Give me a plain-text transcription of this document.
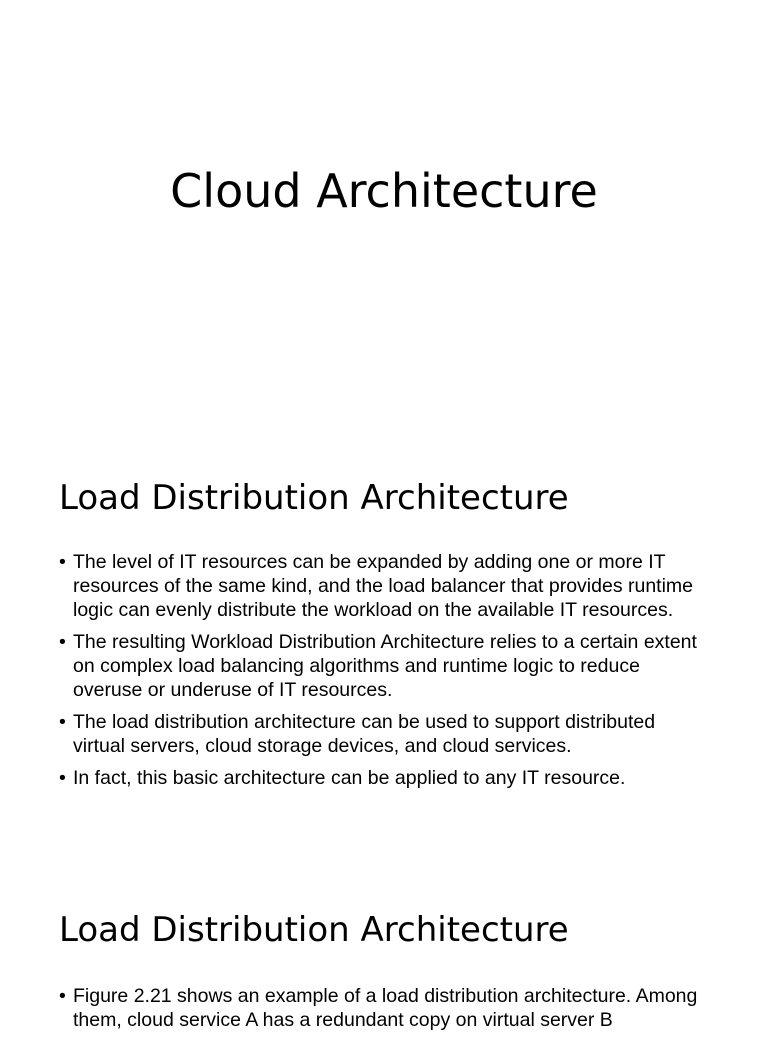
Cloud Architecture
Load Distribution Architecture
• The level of IT resources can be expanded by adding one or more IT resources of the same kind, and the load balancer that provides runtime logic can evenly distribute the workload on the available IT resources.
• The resulting Workload Distribution Architecture relies to a certain extent on complex load balancing algorithms and runtime logic to reduce overuse or underuse of IT resources.
• The load distribution architecture can be used to support distributed virtual servers, cloud storage devices, and cloud services.
• In fact, this basic architecture can be applied to any IT resource.
Load Distribution Architecture
• Figure 2.21 shows an example of a load distribution architecture. Among them, cloud service A has a redundant copy on virtual server B
